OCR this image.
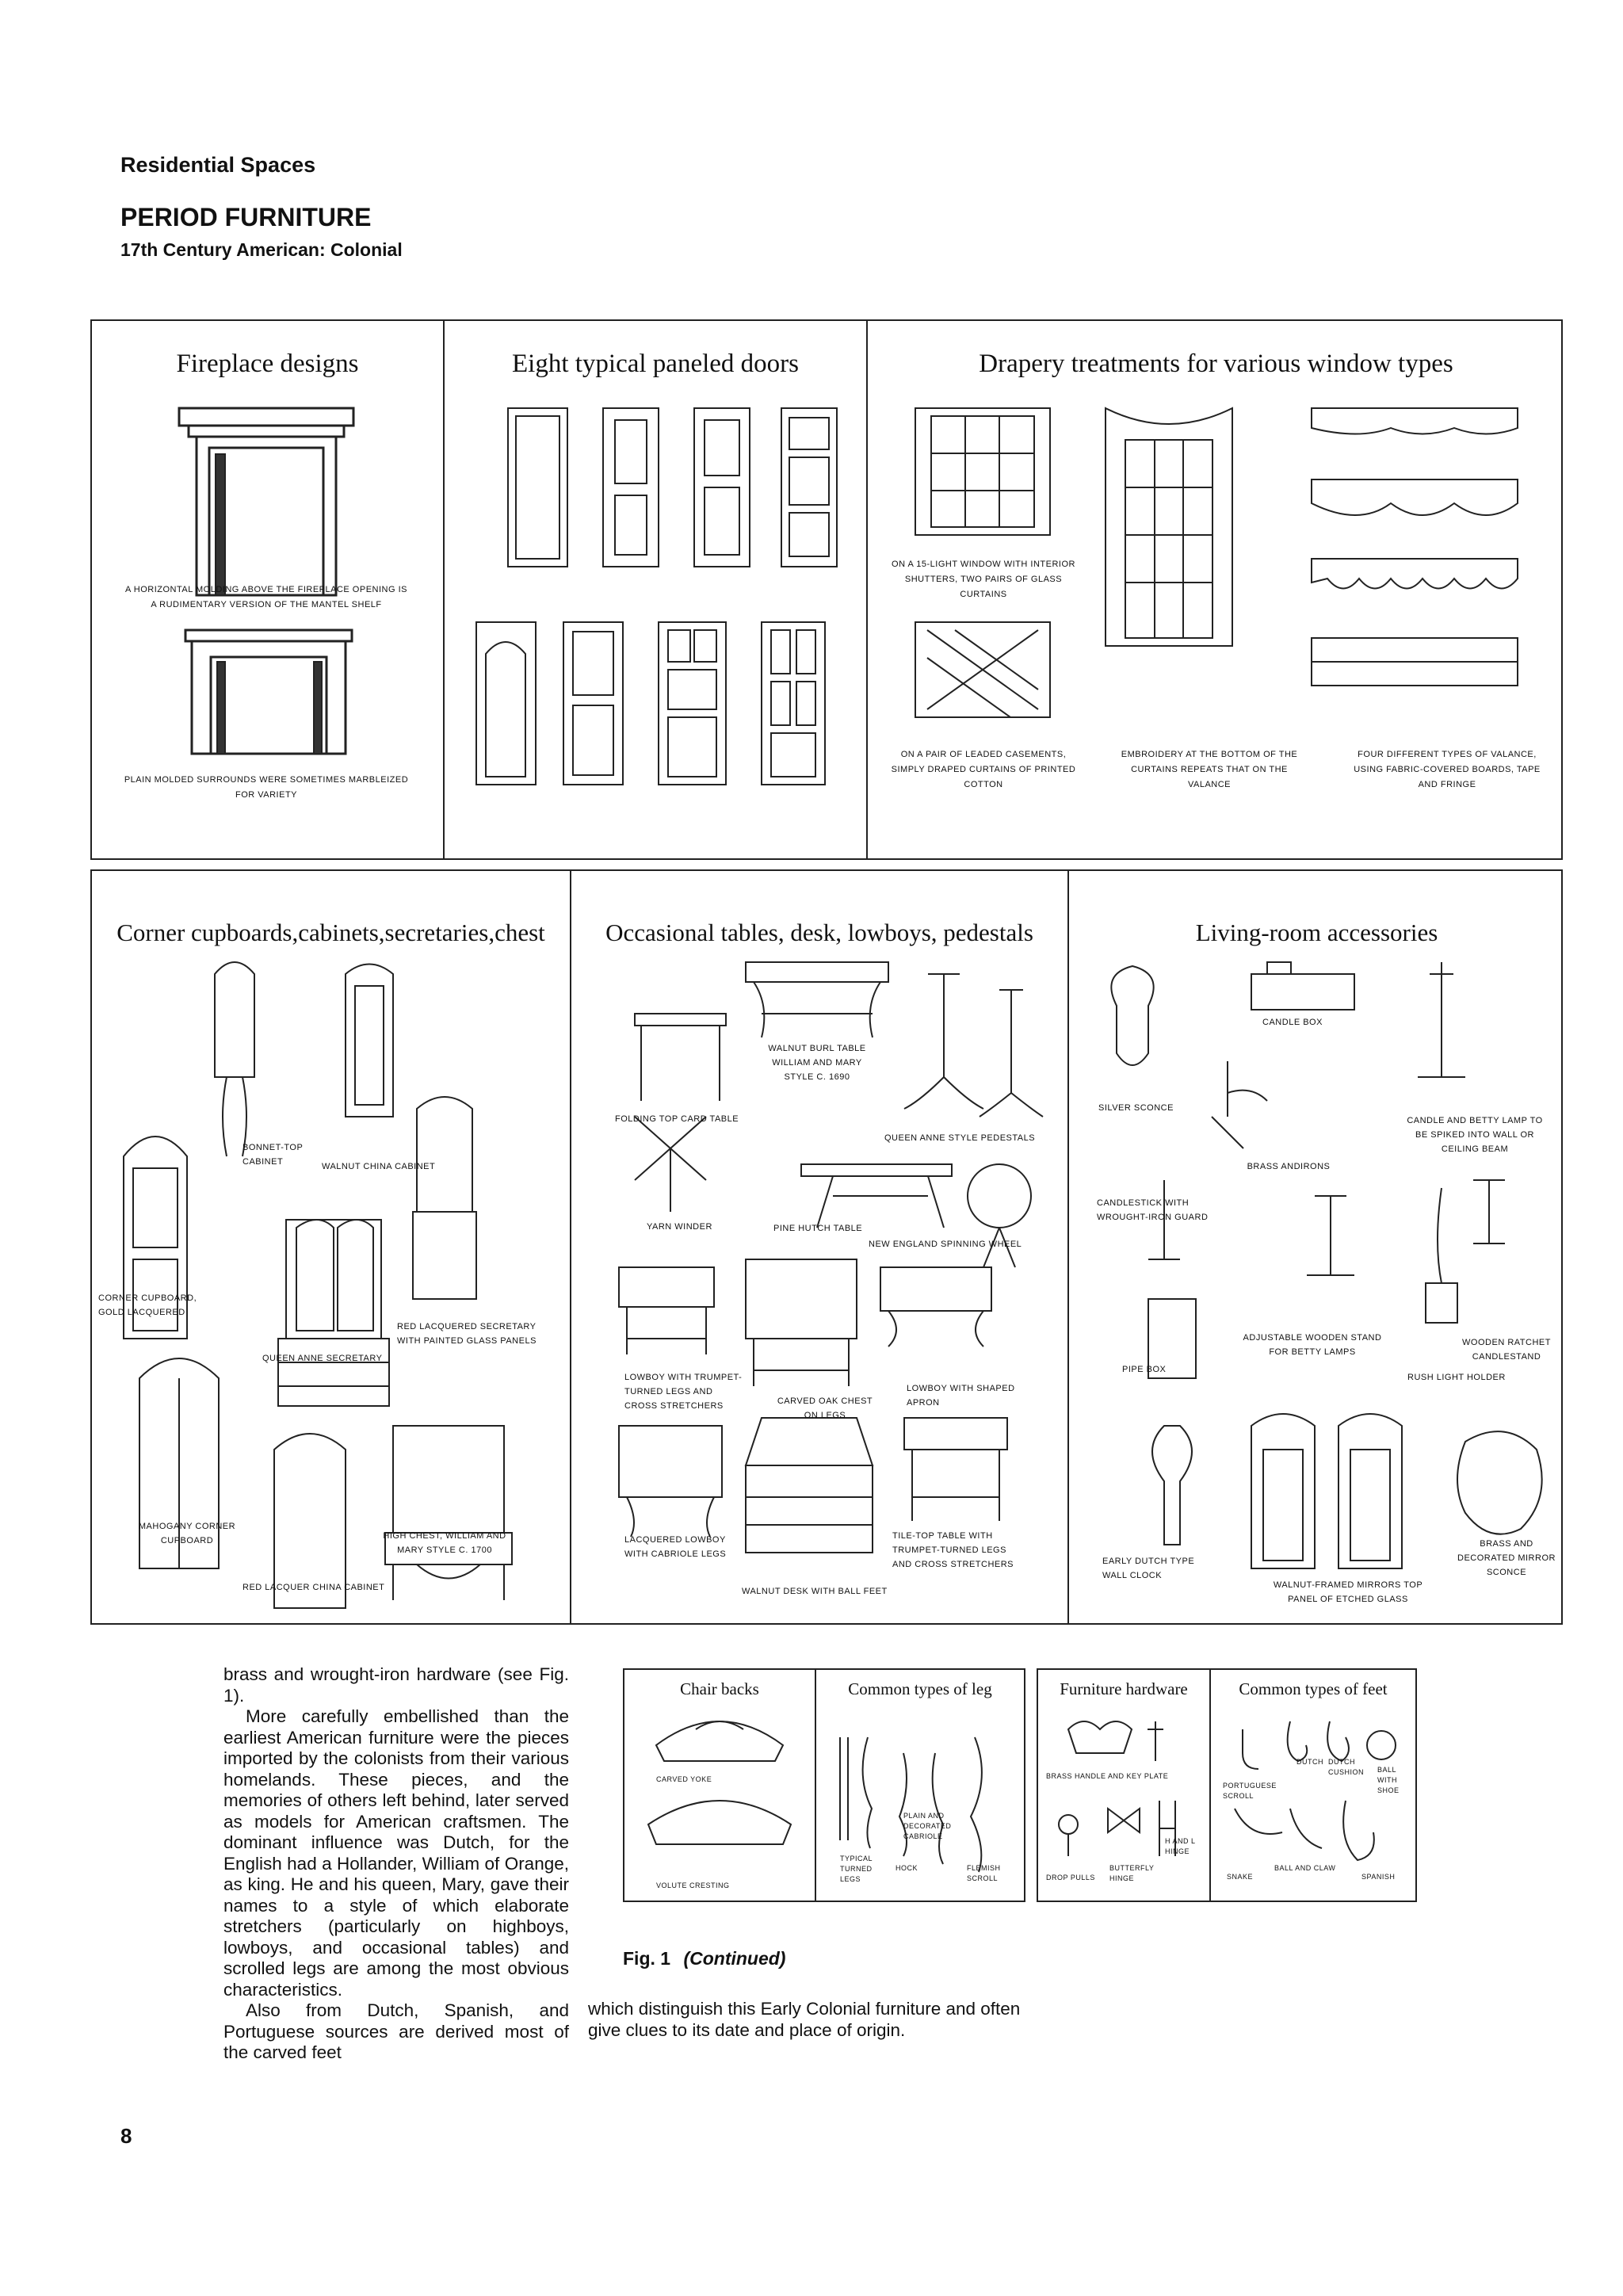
Residential Spaces
PERIOD FURNITURE
17th Century American: Colonial
Fireplace designs	Eight typical paneled doors	Drapery treatments for various window types
A HORIZONTAL MOLDING ABOVE THE FIREPLACE OPENING IS A RUDIMENTARY VERSION OF THE MANTEL SHELF
PLAIN MOLDED SURROUNDS WERE SOMETIMES MARBLEIZED FOR VARIETY
ON A 15-LIGHT WINDOW WITH INTERIOR SHUTTERS, TWO PAIRS OF GLASS CURTAINS
ON A PAIR OF LEADED CASEMENTS, SIMPLY DRAPED CURTAINS OF PRINTED COTTON
EMBROIDERY AT THE BOTTOM OF THE CURTAINS REPEATS THAT ON THE VALANCE
FOUR DIFFERENT TYPES OF VALANCE, USING FABRIC-COVERED BOARDS, TAPE AND FRINGE
Corner cupboards,cabinets,secretaries,chest	Occasional tables, desk, lowboys, pedestals	Living-room accessories
BONNET-TOP CABINET	WALNUT CHINA CABINET
CORNER CUPBOARD, GOLD LACQUERED
RED LACQUERED SECRETARY WITH PAINTED GLASS PANELS
QUEEN ANNE SECRETARY
MAHOGANY CORNER CUPBOARD	HIGH CHEST, WILLIAM AND MARY STYLE C. 1700
RED LACQUER CHINA CABINET
WALNUT BURL TABLE WILLIAM AND MARY STYLE C. 1690
FOLDING TOP CARD TABLE
QUEEN ANNE STYLE PEDESTALS
YARN WINDER	PINE HUTCH TABLE
NEW ENGLAND SPINNING WHEEL
LOWBOY WITH TRUMPET-TURNED LEGS AND CROSS STRETCHERS	CARVED OAK CHEST ON LEGS
LOWBOY WITH SHAPED APRON
LACQUERED LOWBOY WITH CABRIOLE LEGS
TILE-TOP TABLE WITH TRUMPET-TURNED LEGS AND CROSS STRETCHERS
WALNUT DESK WITH BALL FEET
CANDLE BOX
SILVER SCONCE
BRASS ANDIRONS
CANDLE AND BETTY LAMP TO BE SPIKED INTO WALL OR CEILING BEAM
CANDLESTICK WITH WROUGHT-IRON GUARD
ADJUSTABLE WOODEN STAND FOR BETTY LAMPS
WOODEN RATCHET CANDLESTAND
PIPE BOX
RUSH LIGHT HOLDER
EARLY DUTCH TYPE WALL CLOCK
BRASS AND DECORATED MIRROR SCONCE
WALNUT-FRAMED MIRRORS TOP PANEL OF ETCHED GLASS

brass and wrought-iron hardware (see Fig. 1).

More carefully embellished than the earliest American furniture were the pieces imported by the colonists from their various homelands. These pieces, and the memories of others left behind, later served as models for American craftsmen. The dominant influence was Dutch, for the English had a Hollander, William of Orange, as king. He and his queen, Mary, gave their names to a style of which elaborate stretchers (particularly on highboys, lowboys, and occasional tables) and scrolled legs are among the most obvious characteristics.

Also from Dutch, Spanish, and Portuguese sources are derived most of the carved feet

Chair backs
CARVED YOKE
VOLUTE CRESTING
Common types of leg
PLAIN AND DECORATED CABRIOLE
TYPICAL TURNED LEGS
HOCK	FLEMISH SCROLL
Furniture hardware
BRASS HANDLE AND KEY PLATE
DROP PULLS
BUTTERFLY HINGE
H AND L HINGE
Common types of feet
DUTCH DUTCH CUSHION	BALL WITH SHOE
PORTUGUESE SCROLL
SNAKE
BALL AND CLAW
SPANISH
Fig. 1 (Continued)

which distinguish this Early Colonial furniture and often give clues to its date and place of origin.

8
